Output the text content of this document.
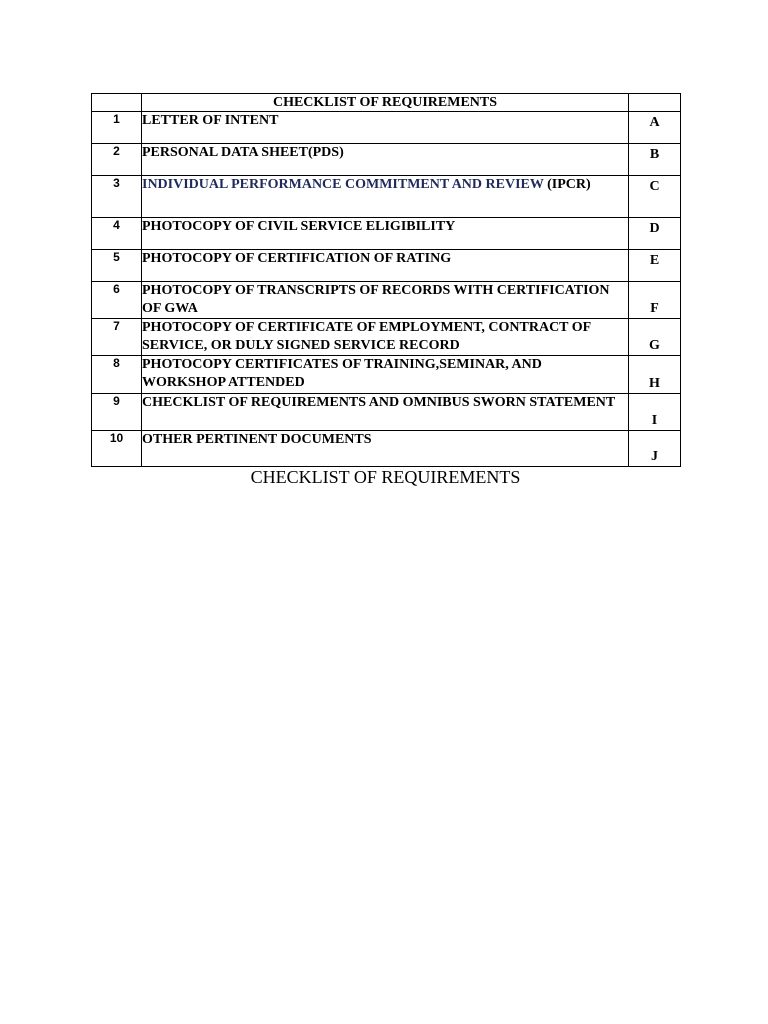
	CHECKLIST OF REQUIREMENTS	
1	LETTER OF INTENT	A
2	PERSONAL DATA SHEET(PDS)	B
3	INDIVIDUAL PERFORMANCE COMMITMENT AND REVIEW (IPCR)	C
4	PHOTOCOPY OF CIVIL SERVICE ELIGIBILITY	D
5	PHOTOCOPY OF CERTIFICATION OF RATING	E
6	PHOTOCOPY OF TRANSCRIPTS OF RECORDS WITH CERTIFICATION OF GWA	F
7	PHOTOCOPY OF CERTIFICATE OF EMPLOYMENT, CONTRACT OF SERVICE, OR DULY SIGNED SERVICE RECORD	G
8	PHOTOCOPY CERTIFICATES OF TRAINING,SEMINAR, AND WORKSHOP ATTENDED	H
9	CHECKLIST OF REQUIREMENTS AND OMNIBUS SWORN STATEMENT	I
10	OTHER PERTINENT DOCUMENTS	J
CHECKLIST OF REQUIREMENTS
